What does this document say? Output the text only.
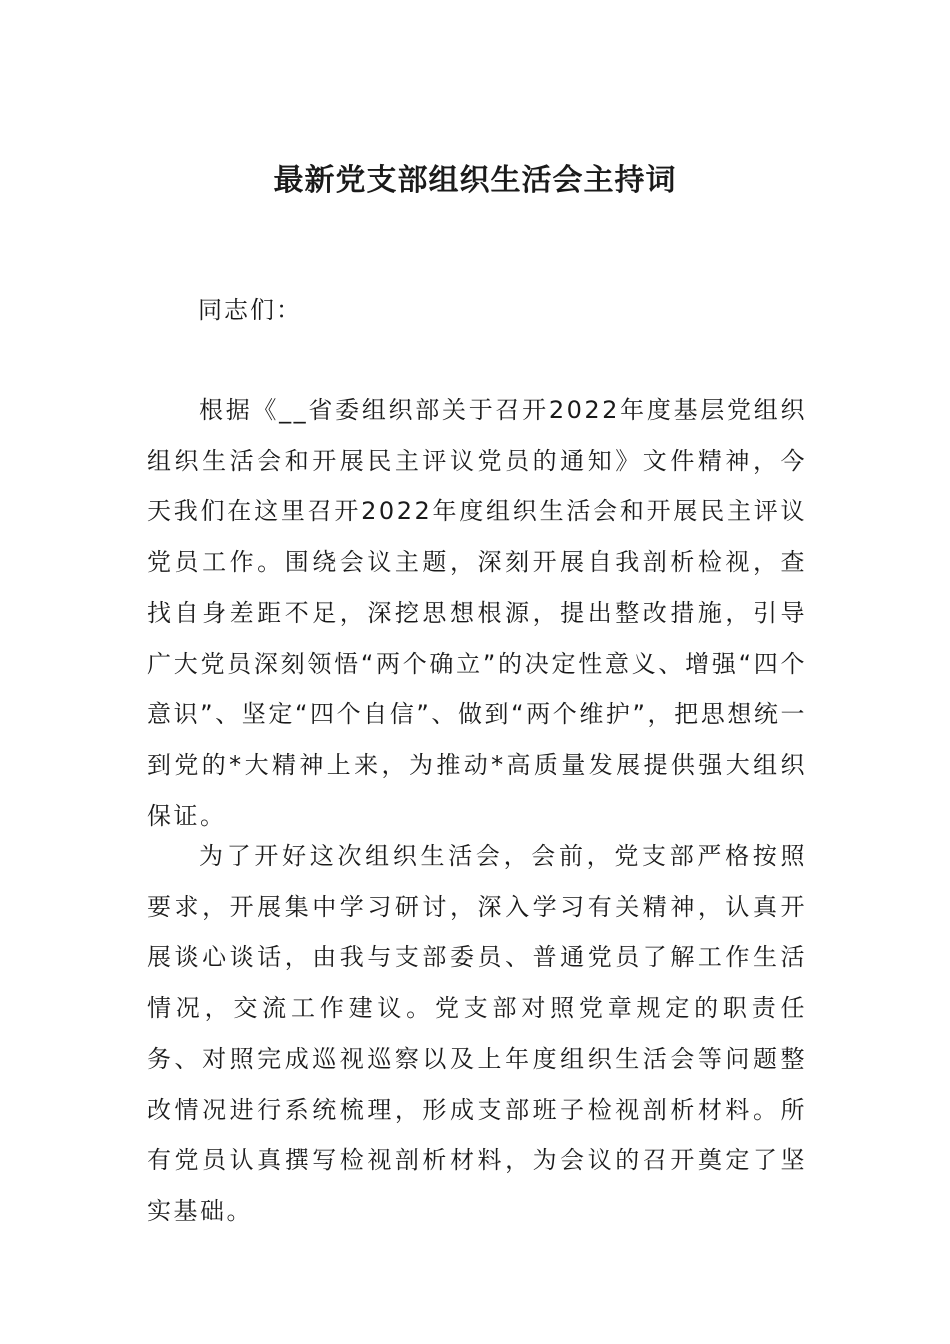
最新党支部组织生活会主持词

同志们：

根据《__省委组织部关于召开2022年度基层党组织组织生活会和开展民主评议党员的通知》文件精神，今天我们在这里召开2022年度组织生活会和开展民主评议党员工作。围绕会议主题，深刻开展自我剖析检视，查找自身差距不足，深挖思想根源，提出整改措施，引导广大党员深刻领悟“两个确立”的决定性意义、增强“四个意识”、坚定“四个自信”、做到“两个维护”，把思想统一到党的*大精神上来，为推动*高质量发展提供强大组织保证。

为了开好这次组织生活会，会前，党支部严格按照要求，开展集中学习研讨，深入学习有关精神，认真开展谈心谈话，由我与支部委员、普通党员了解工作生活情况，交流工作建议。党支部对照党章规定的职责任务、对照完成巡视巡察以及上年度组织生活会等问题整改情况进行系统梳理，形成支部班子检视剖析材料。所有党员认真撰写检视剖析材料，为会议的召开奠定了坚实基础。
